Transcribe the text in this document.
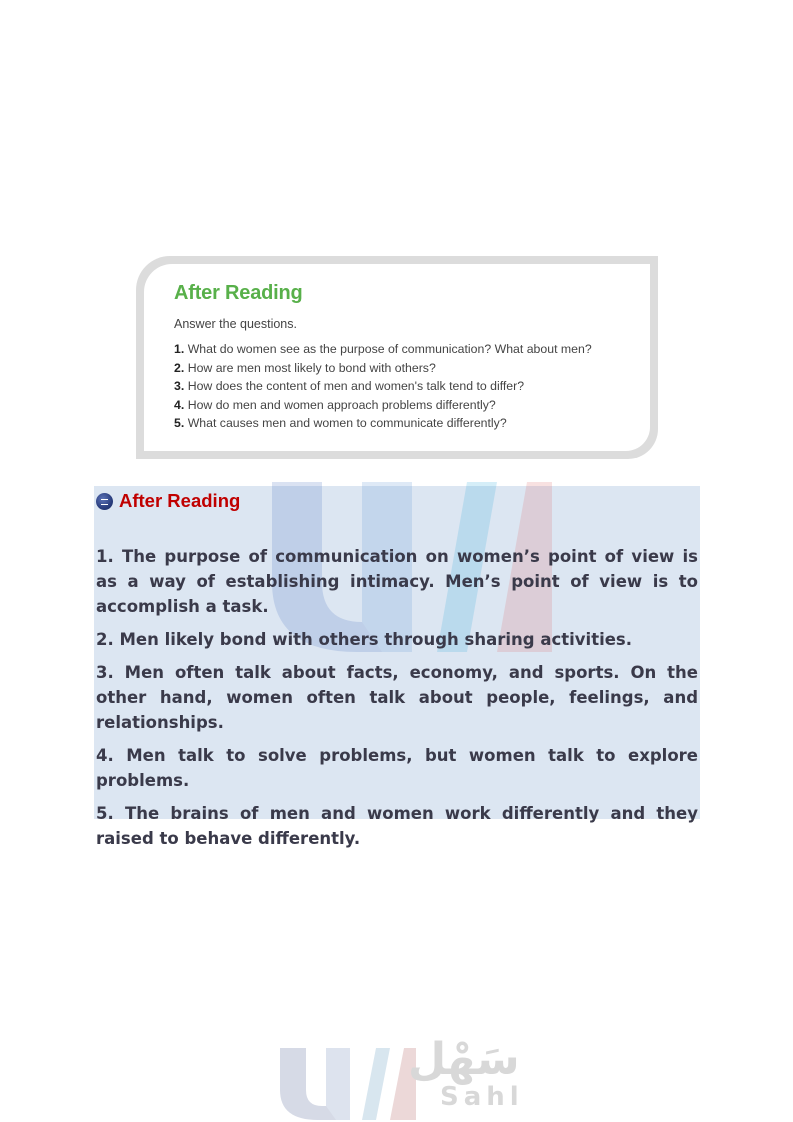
After Reading
Answer the questions.
1. What do women see as the purpose of communication? What about men?
2. How are men most likely to bond with others?
3. How does the content of men and women's talk tend to differ?
4. How do men and women approach problems differently?
5. What causes men and women to communicate differently?
After Reading

1. The purpose of communication on women’s point of view is as a way of establishing intimacy. Men’s point of view is to accomplish a task.

2. Men likely bond with others through sharing activities.

3. Men often talk about facts, economy, and sports. On the other hand, women often talk about people, feelings, and relationships.

4. Men talk to solve problems, but women talk to explore problems.

5. The brains of men and women work differently and they raised to behave differently.

سَهْل
Sahl
